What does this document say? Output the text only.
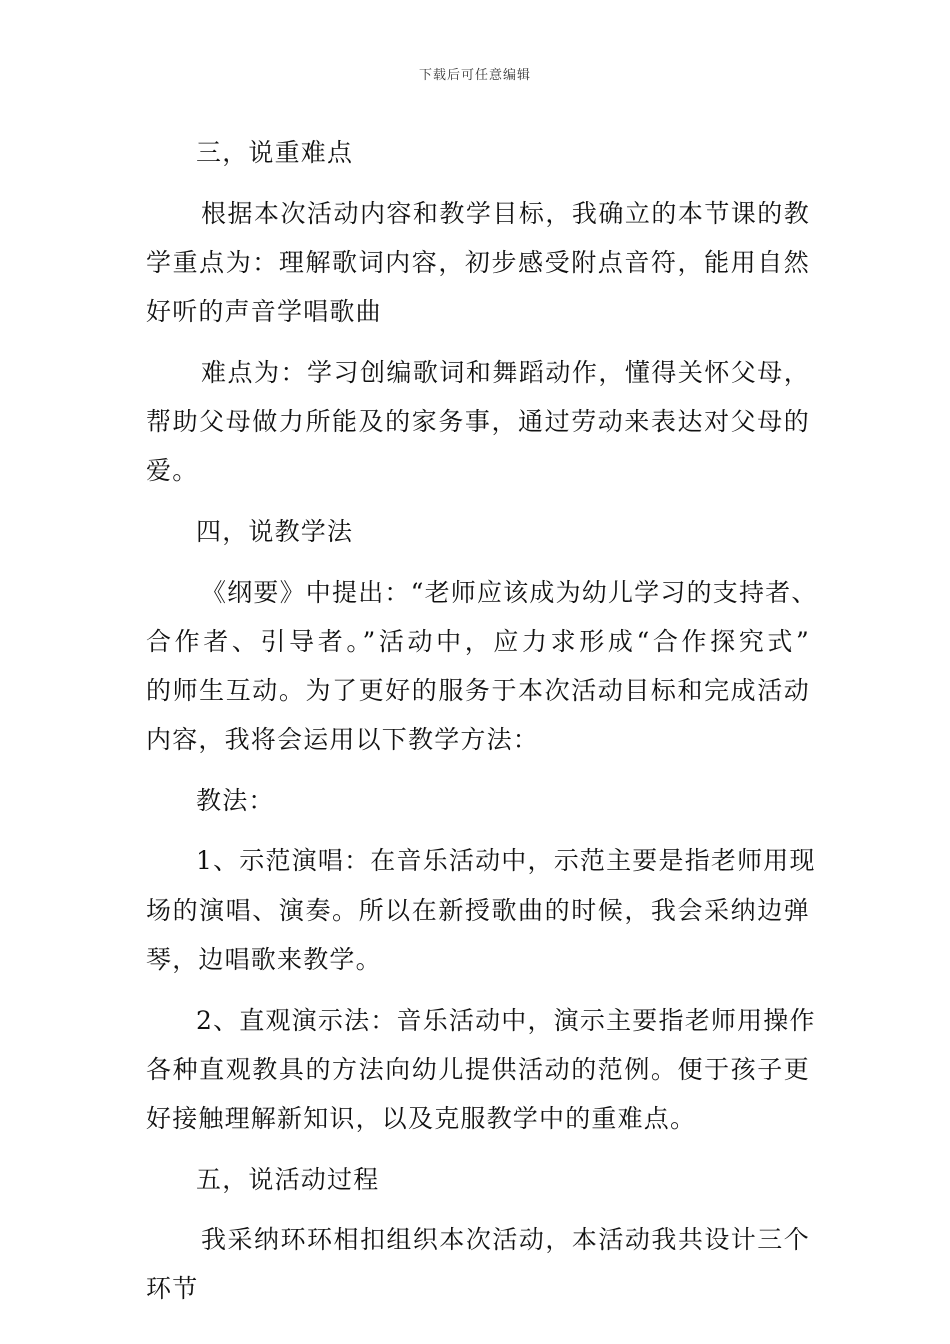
下载后可任意编辑
三，说重难点
根据本次活动内容和教学目标，我确立的本节课的教
学重点为：理解歌词内容，初步感受附点音符，能用自然
好听的声音学唱歌曲
难点为：学习创编歌词和舞蹈动作，懂得关怀父母，
帮助父母做力所能及的家务事，通过劳动来表达对父母的
爱。
四，说教学法
《纲要》中提出：“老师应该成为幼儿学习的支持者、
合作者、引导者。”活动中，应力求形成“合作探究式”
的师生互动。为了更好的服务于本次活动目标和完成活动
内容，我将会运用以下教学方法：
教法：
1、示范演唱：在音乐活动中，示范主要是指老师用现
场的演唱、演奏。所以在新授歌曲的时候，我会采纳边弹
琴，边唱歌来教学。
2、直观演示法：音乐活动中，演示主要指老师用操作
各种直观教具的方法向幼儿提供活动的范例。便于孩子更
好接触理解新知识，以及克服教学中的重难点。
五，说活动过程
我采纳环环相扣组织本次活动，本活动我共设计三个
环节
